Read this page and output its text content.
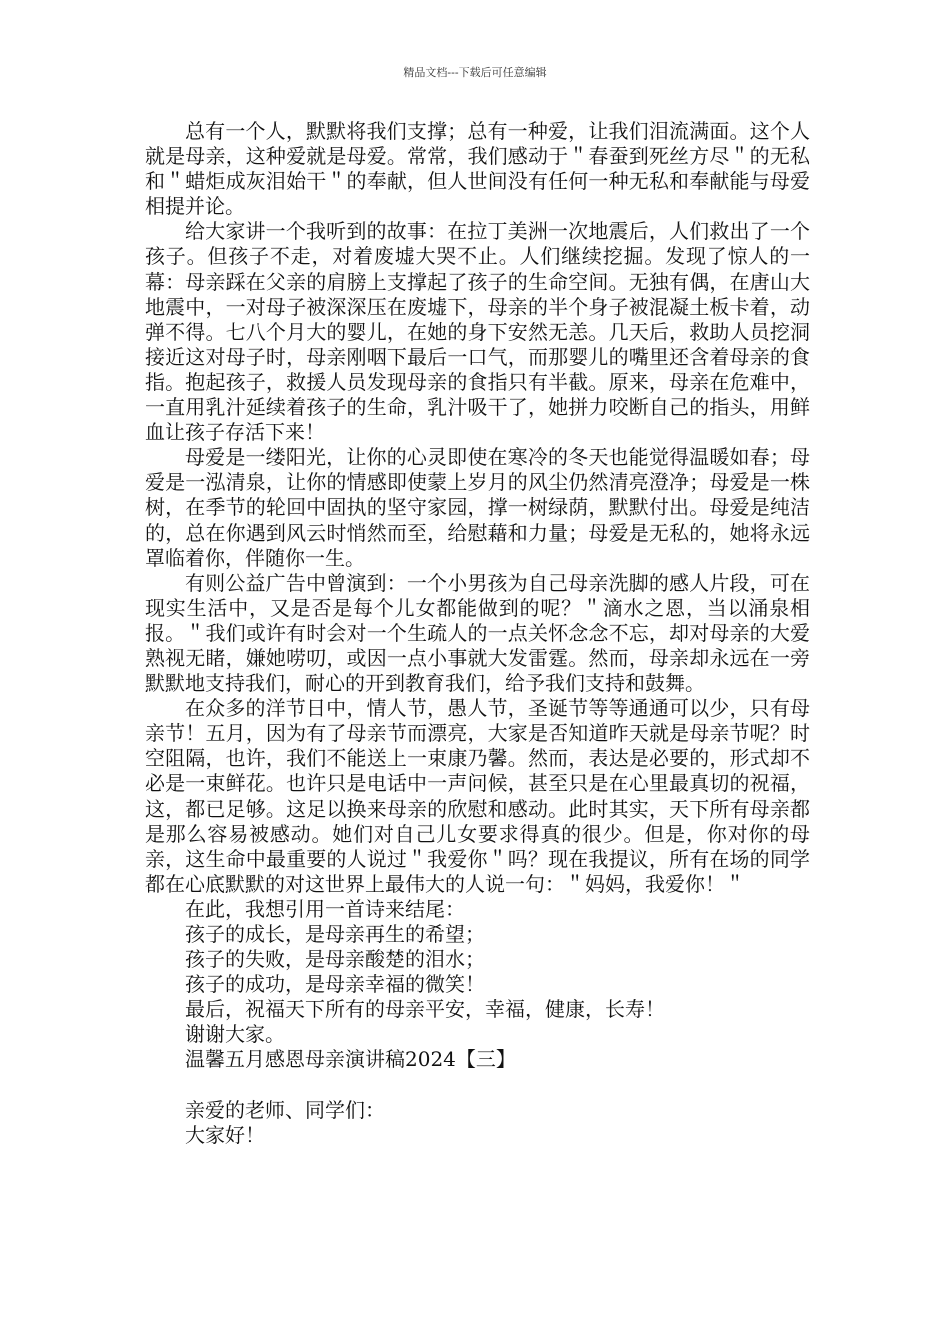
精品文档---下载后可任意编辑

总有一个人，默默将我们支撑；总有一种爱，让我们泪流满面。这个人就是母亲，这种爱就是母爱。常常，我们感动于＂春蚕到死丝方尽＂的无私和＂蜡炬成灰泪始干＂的奉献，但人世间没有任何一种无私和奉献能与母爱相提并论。

给大家讲一个我听到的故事：在拉丁美洲一次地震后，人们救出了一个孩子。但孩子不走，对着废墟大哭不止。人们继续挖掘。发现了惊人的一幕：母亲踩在父亲的肩膀上支撑起了孩子的生命空间。无独有偶，在唐山大地震中，一对母子被深深压在废墟下，母亲的半个身子被混凝土板卡着，动弹不得。七八个月大的婴儿，在她的身下安然无恙。几天后，救助人员挖洞接近这对母子时，母亲刚咽下最后一口气，而那婴儿的嘴里还含着母亲的食指。抱起孩子，救援人员发现母亲的食指只有半截。原来，母亲在危难中，一直用乳汁延续着孩子的生命，乳汁吸干了，她拼力咬断自己的指头，用鲜血让孩子存活下来！

母爱是一缕阳光，让你的心灵即使在寒冷的冬天也能觉得温暖如春；母爱是一泓清泉，让你的情感即使蒙上岁月的风尘仍然清亮澄净；母爱是一株树，在季节的轮回中固执的坚守家园，撑一树绿荫，默默付出。母爱是纯洁的，总在你遇到风云时悄然而至，给慰藉和力量；母爱是无私的，她将永远罩临着你，伴随你一生。

有则公益广告中曾演到：一个小男孩为自己母亲洗脚的感人片段，可在现实生活中，又是否是每个儿女都能做到的呢？＂滴水之恩，当以涌泉相报。＂我们或许有时会对一个生疏人的一点关怀念念不忘，却对母亲的大爱熟视无睹，嫌她唠叨，或因一点小事就大发雷霆。然而，母亲却永远在一旁默默地支持我们，耐心的开到教育我们，给予我们支持和鼓舞。

在众多的洋节日中，情人节，愚人节，圣诞节等等通通可以少，只有母亲节！五月，因为有了母亲节而漂亮，大家是否知道昨天就是母亲节呢？时空阻隔，也许，我们不能送上一束康乃馨。然而，表达是必要的，形式却不必是一束鲜花。也许只是电话中一声问候，甚至只是在心里最真切的祝福，这，都已足够。这足以换来母亲的欣慰和感动。此时其实，天下所有母亲都是那么容易被感动。她们对自己儿女要求得真的很少。但是，你对你的母亲，这生命中最重要的人说过＂我爱你＂吗？现在我提议，所有在场的同学都在心底默默的对这世界上最伟大的人说一句：＂妈妈，我爱你！＂

在此，我想引用一首诗来结尾：
孩子的成长，是母亲再生的希望；
孩子的失败，是母亲酸楚的泪水；
孩子的成功，是母亲幸福的微笑！
最后，祝福天下所有的母亲平安，幸福，健康，长寿！
谢谢大家。
温馨五月感恩母亲演讲稿2024【三】
亲爱的老师、同学们：
大家好！
